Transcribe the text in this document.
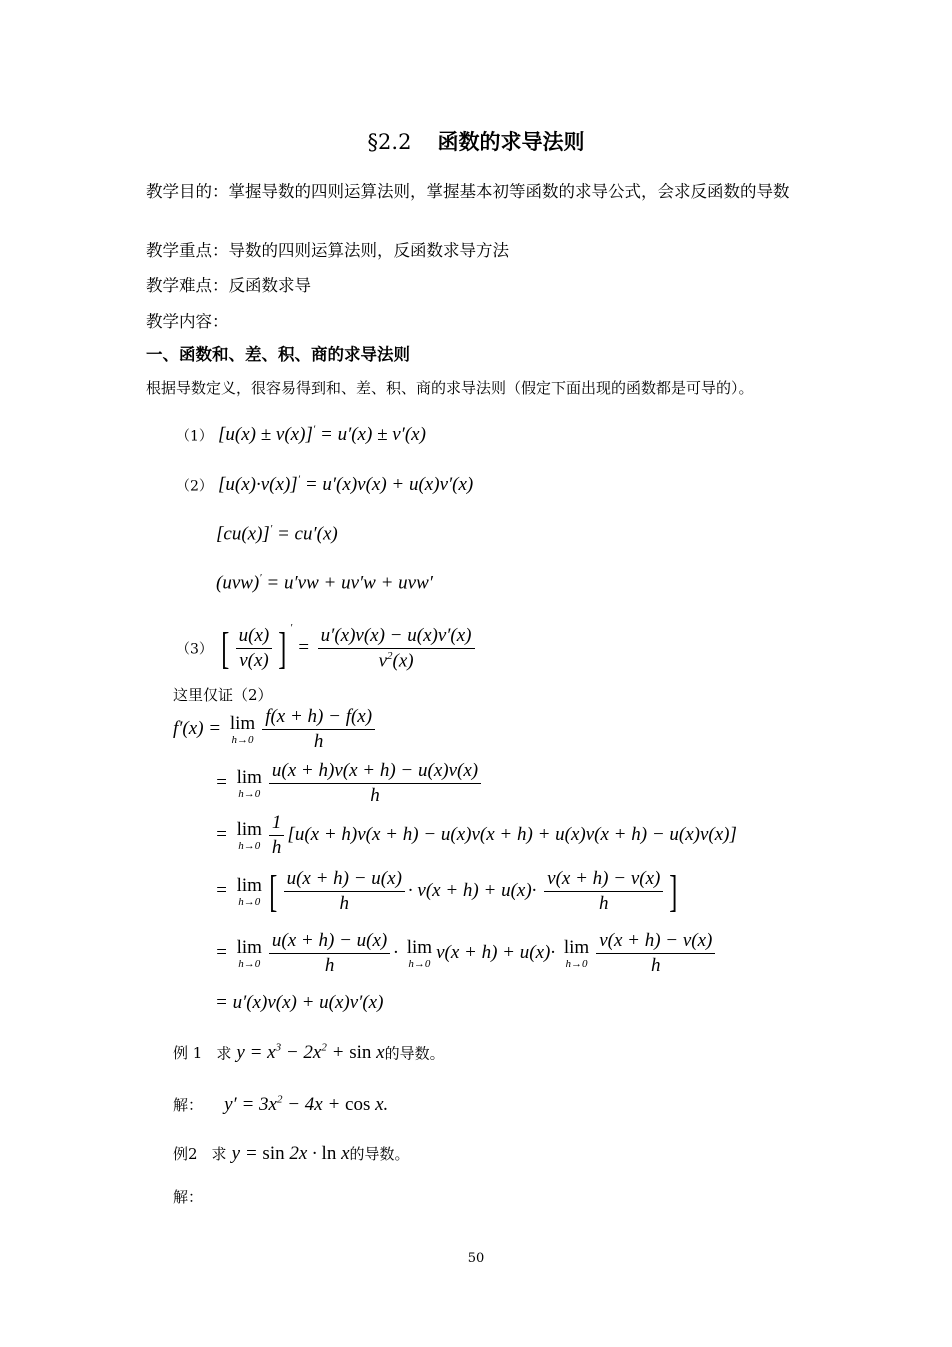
§2.2 函数的求导法则
教学目的：掌握导数的四则运算法则，掌握基本初等函数的求导公式，会求反函数的导数
教学重点：导数的四则运算法则，反函数求导方法
教学难点：反函数求导
教学内容：
一、函数和、差、积、商的求导法则
根据导数定义，很容易得到和、差、积、商的求导法则（假定下面出现的函数都是可导的）。
（1） [u(x) ± v(x)]′ = u′(x) ± v′(x)
（2） [u(x)·v(x)]′ = u′(x)v(x) + u(x)v′(x)
[cu(x)]′ = cu′(x)
(uvw)′ = u′vw + uv′w + uvw′
（3） [ $\frac{u(x)}{v(x)}$ ] $' = \frac{u'(x)v(x) - u(x)v'(x)}{v^2(x)}$
这里仅证（2）
f′(x) = lim
$h\to 0 \frac{f(x + h) - f(x)}{h}$
= lim
$h\to 0 \frac{u(x + h)v(x + h) - u(x)v(x)}{h}$
= lim
$h\to 0 \frac{1}{h} [u(x + h)v(x + h) - u(x)v(x + h) + u(x)v(x + h) - u(x)v(x)]$
= lim
h→0 [ $\frac{u(x + h) - u(x)}{h} \cdot v(x + h) + u(x)\cdot \frac{v(x + h) - v(x)}{h}$ ]
= lim
$h\to 0 \frac{u(x + h) - u(x)}{h} \cdot \lim$
h→0
v(x + h) + u(x)· lim
$h\to 0 \frac{v(x + h) - v(x)}{h}$
= u′(x)v(x) + u(x)v′(x)
例 1 求 $y = x^3 - 2x^2 + \sin x$的导数。
解： $y' = 3x^2 - 4x + \cos x$.
例2 求 y = sin 2x · ln x的导数。
解：
50
